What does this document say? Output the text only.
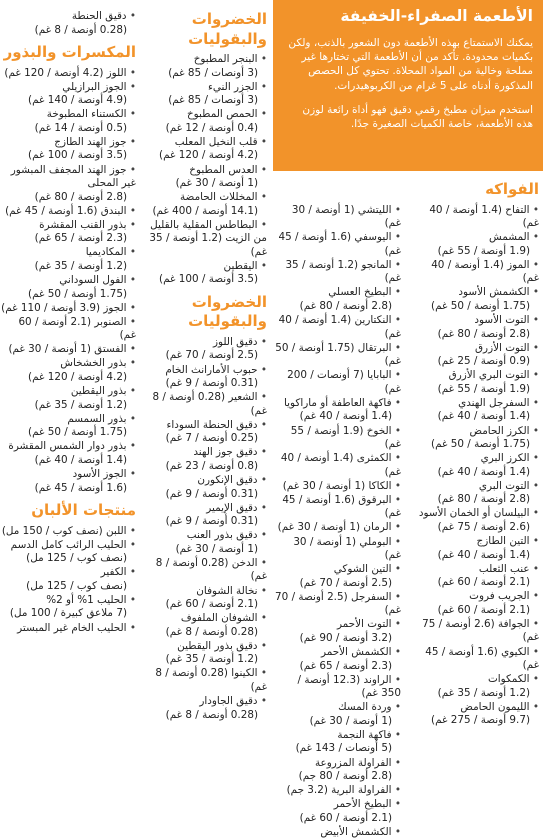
الأطعمة الصفراء-الخفيفة

يمكنك الاستمتاع بهذه الأطعمة دون الشعور بالذنب، ولكن بكميات محدودة. تأكد من أن الأطعمة التي تختارها غير مملحة وخالية من المواد المحلاة. تحتوي كل الحصص المذكورة أدناه على 5 غرام من الكربوهيدرات.

استخدم ميزان مطبخ رقمي دقيق فهو أداة رائعة لوزن هذه الأطعمة، خاصة الكميات الصغيرة جدًا.

الفواكه
• التفاح (1.4 أونصة / 40 غم)
• المشمش
(1.9 أونصة / 55 غم)
• الموز (1.4 أونصة / 40 غم)
• الكشمش الأسود
(1.75 أونصة / 50 غم)
• التوت الأسود
(2.8 أونصة / 80 غم)
• التوت الأزرق
(0.9 أونصة / 25 غم)
• التوت البري الأزرق
(1.9 أونصة / 55 غم)
• السفرجل الهندي
(1.4 أونصة / 40 غم)
• الكرز الحامض
(1.75 أونصة / 50 غم)
• الكرز البري
(1.4 أونصة / 40 غم)
• التوت البري
(2.8 أونصة / 80 غم)
• البيلسان أو الخمان الأسود
(2.6 أونصة / 75 غم)
• التين الطازج
(1.4 أونصة / 40 غم)
• عنب الثعلب
(2.1 أونصة / 60 غم)
• الجريب فروت
(2.1 أونصة / 60 غم)
• الجوافة (2.6 أونصة / 75 غم)
• الكيوي (1.6 أونصة / 45 غم)
• الكمكوات
(1.2 أونصة / 35 غم)
• الليمون الحامض
(9.7 أونصة / 275 غم)
• الليتشي (1 أونصة / 30 غم)
• اليوسفي (1.6 أونصة / 45 غم)
• المانجو (1.2 أونصة / 35 غم)
• البطيخ العسلي
(2.8 أونصة / 80 غم)
• النكتارين (1.4 أونصة / 40 غم)
• البرتقال (1.75 أونصة / 50 غم)
• البابايا (7 أونصات / 200 غم)
• فاكهة العاطفة أو ماراكويا
(1.4 أونصة / 40 غم)
• الخوخ (1.9 أونصة / 55 غم)
• الكمثرى (1.4 أونصة / 40 غم)
• الكاكا (1 أونصة / 30 غم)
• البرقوق (1.6 أونصة / 45 غم)
• الرمان (1 أونصة / 30 غم)
• البوملي (1 أونصة / 30 غم)
• التين الشوكي
(2.5 أونصة / 70 غم)
• السفرجل (2.5 أونصة / 70 غم)
• التوت الأحمر
(3.2 أونصة / 90 غم)
• الكشمش الأحمر
(2.3 أونصة / 65 غم)
• الراوند (12.3 أونصة / 350 غم)
• وردة المسك
(1 أونصة / 30 غم)
• فاكهة النجمة
(5 أونصات / 143 غم)
• الفراولة المزروعة
(2.8 أونصة / 80 جم)
• الفراولة البرية (3.2 جم)
• البطيخ الأحمر
(2.1 أونصة / 60 غم)
• الكشمش الأبيض
الخضروات والبقوليات
• البنجر المطبوخ
(3 أونصات / 85 غم)
• الجزر النيء
(3 أونصات / 85 غم)
• الحمص المطبوخ
(0.4 أونصة / 12 غم)
• قلب النخيل المعلب
(4.2 أونصة / 120 غم)
• العدس المطبوخ
(1 أونصة / 30 غم)
• المخللات الحامضة
(14.1 أونصة / 400 غم)
• البطاطس المقلية بالقليل من الزيت (1.2 أونصة / 35 غم)
• اليقطين
(3.5 أونصة / 100 غم)
الخضروات والبقوليات
• دقيق اللوز
(2.5 أونصة / 70 غم)
• حبوب الأمارانث الخام
(0.31 أونصة / 9 غم)
• الشعير (0.28 أونصة / 8 غم)
• دقيق الحنطة السوداء
(0.25 أونصة / 7 غم)
• دقيق جوز الهند
(0.8 أونصة / 23 غم)
• دقيق الإنكورن
(0.31 أونصة / 9 غم)
• دقيق الإيمير
(0.31 أونصة / 9 غم)
• دقيق بذور العنب
(1 أونصة / 30 غم)
• الدخن (0.28 أونصة / 8 غم)
• نخالة الشوفان
(2.1 أونصة / 60 غم)
• الشوفان الملفوف
(0.28 أونصة / 8 غم)
• دقيق بذور اليقطين
(1.2 أونصة / 35 غم)
• الكينوا (0.28 أونصة / 8 غم)
• دقيق الجاودار
(0.28 أونصة / 8 غم)
• دقيق الحنطة
(0.28 أونصة / 8 غم)
المكسرات والبذور
• اللوز (4.2 أونصة / 120 غم)
• الجوز البرازيلي
(4.9 أونصة / 140 غم)
• الكستناء المطبوخة
(0.5 أونصة / 14 غم)
• جوز الهند الطازج
(3.5 أونصة / 100 غم)
• جوز الهند المجفف المبشور غير المحلى
(2.8 أونصة / 80 غم)
• البندق (1.6 أونصة / 45 غم)
• بذور القنب المقشرة
(2.3 أونصة / 65 غم)
• المكاديميا
(1.2 أونصة / 35 غم)
• الفول السوداني
(1.75 أونصة / 50 غم)
• الجوز (3.9 أونصة / 110 غم)
• الصنوبر (2.1 أونصة / 60 غم)
• الفستق (1 أونصة / 30 غم)
• بذور الخشخاش
(4.2 أونصة / 120 غم)
• بذور اليقطين
(1.2 أونصة / 35 غم)
• بذور السمسم
(1.75 أونصة / 50 غم)
• بذور دوار الشمس المقشرة
(1.4 أونصة / 40 غم)
• الجوز الأسود
(1.6 أونصة / 45 غم)
منتجات الألبان
• اللبن (نصف كوب / 150 مل)
• الحليب الرائب كامل الدسم
(نصف كوب / 125 مل)
• الكفير
(نصف كوب / 125 مل)
• الحليب 1% أو 2%
(7 ملاعق كبيرة / 100 مل)
• الحليب الخام غير المبستر
